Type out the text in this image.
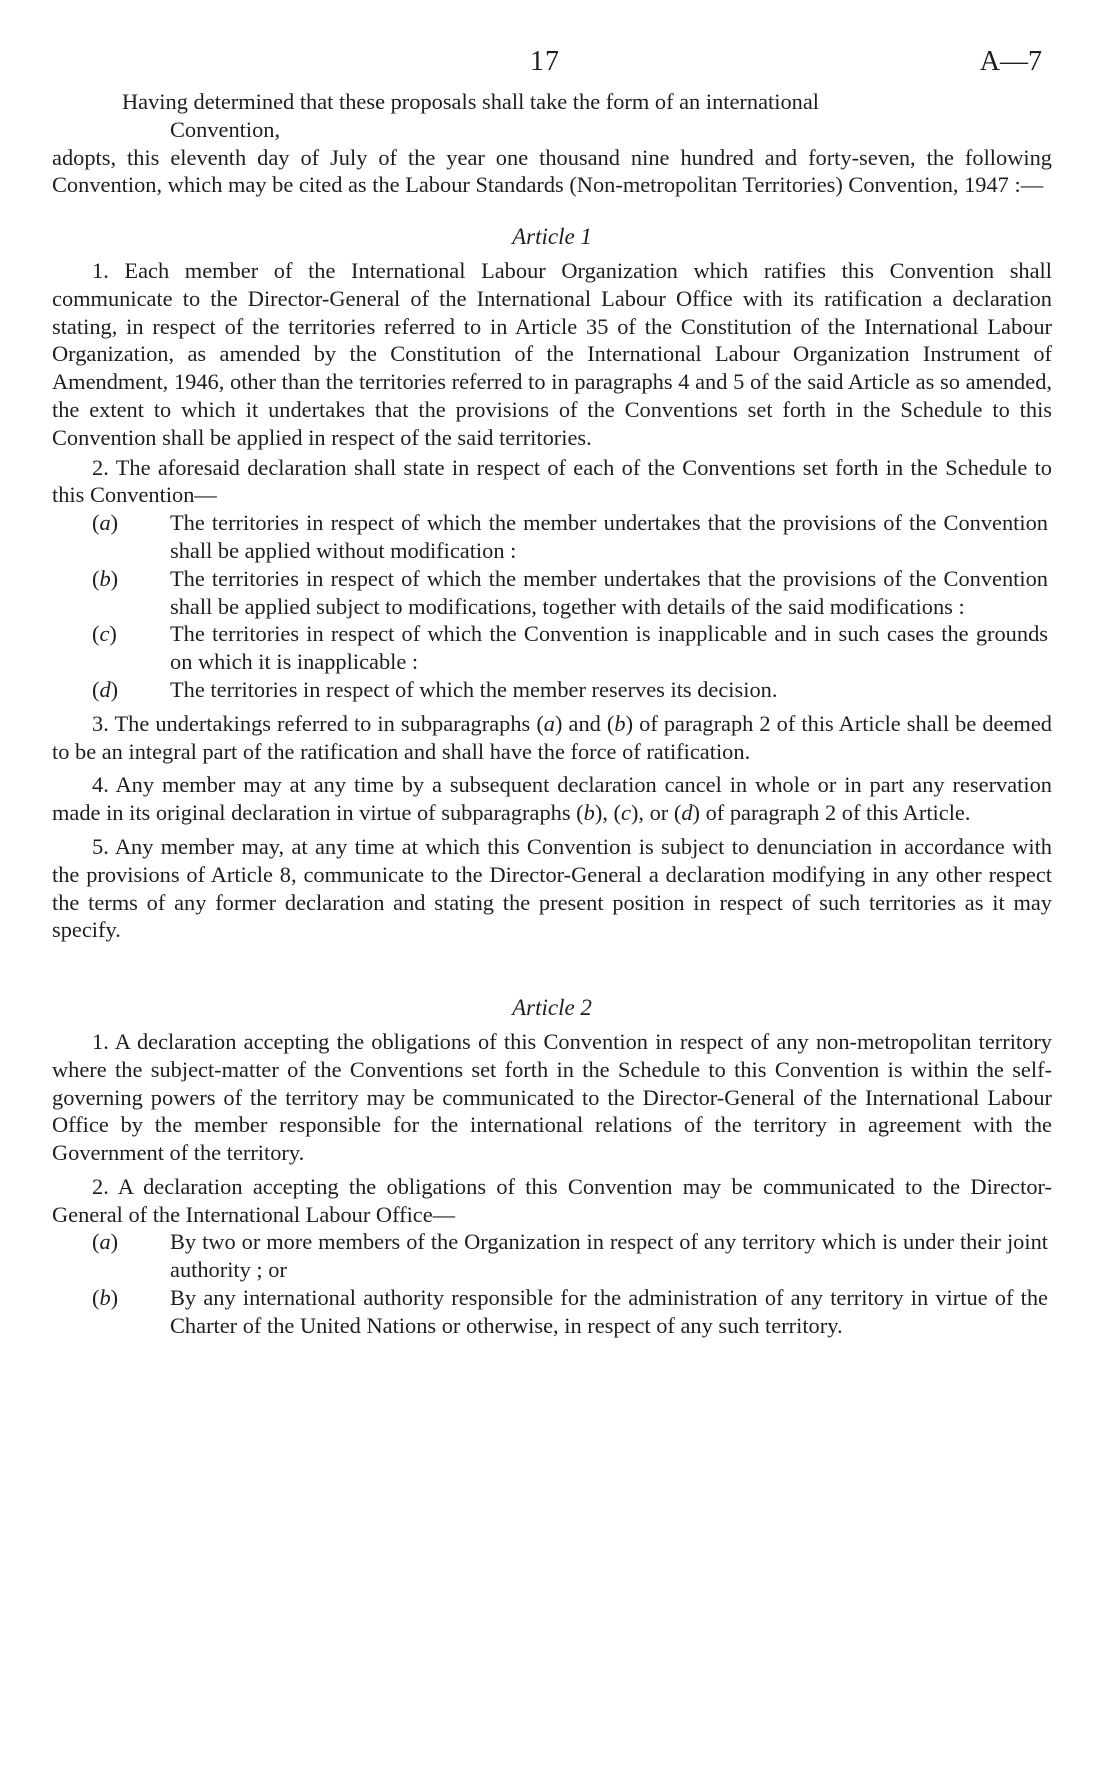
17	A—7

Having determined that these proposals shall take the form of an international

Convention,

adopts, this eleventh day of July of the year one thousand nine hundred and forty-seven, the following Convention, which may be cited as the Labour Standards (Non-metropolitan Territories) Convention, 1947 :—

Article 1

1. Each member of the International Labour Organization which ratifies this Convention shall communicate to the Director-General of the International Labour Office with its ratification a declaration stating, in respect of the territories referred to in Article 35 of the Constitution of the International Labour Organization, as amended by the Constitution of the International Labour Organization Instrument of Amendment, 1946, other than the territories referred to in paragraphs 4 and 5 of the said Article as so amended, the extent to which it undertakes that the provisions of the Conventions set forth in the Schedule to this Convention shall be applied in respect of the said territories.

2. The aforesaid declaration shall state in respect of each of the Conventions set forth in the Schedule to this Convention—

(a) The territories in respect of which the member undertakes that the provisions of the Convention shall be applied without modification :
(b) The territories in respect of which the member undertakes that the provisions of the Convention shall be applied subject to modifications, together with details of the said modifications :
(c) The territories in respect of which the Convention is inapplicable and in such cases the grounds on which it is inapplicable :
(d) The territories in respect of which the member reserves its decision.

3. The undertakings referred to in subparagraphs (a) and (b) of paragraph 2 of this Article shall be deemed to be an integral part of the ratification and shall have the force of ratification.

4. Any member may at any time by a subsequent declaration cancel in whole or in part any reservation made in its original declaration in virtue of subparagraphs (b), (c), or (d) of paragraph 2 of this Article.

5. Any member may, at any time at which this Convention is subject to denunciation in accordance with the provisions of Article 8, communicate to the Director-General a declaration modifying in any other respect the terms of any former declaration and stating the present position in respect of such territories as it may specify.

Article 2

1. A declaration accepting the obligations of this Convention in respect of any non-metropolitan territory where the subject-matter of the Conventions set forth in the Schedule to this Convention is within the self-governing powers of the territory may be communicated to the Director-General of the International Labour Office by the member responsible for the international relations of the territory in agreement with the Government of the territory.

2. A declaration accepting the obligations of this Convention may be communicated to the Director-General of the International Labour Office—

(a) By two or more members of the Organization in respect of any territory which is under their joint authority ; or
(b) By any international authority responsible for the administration of any territory in virtue of the Charter of the United Nations or otherwise, in respect of any such territory.
